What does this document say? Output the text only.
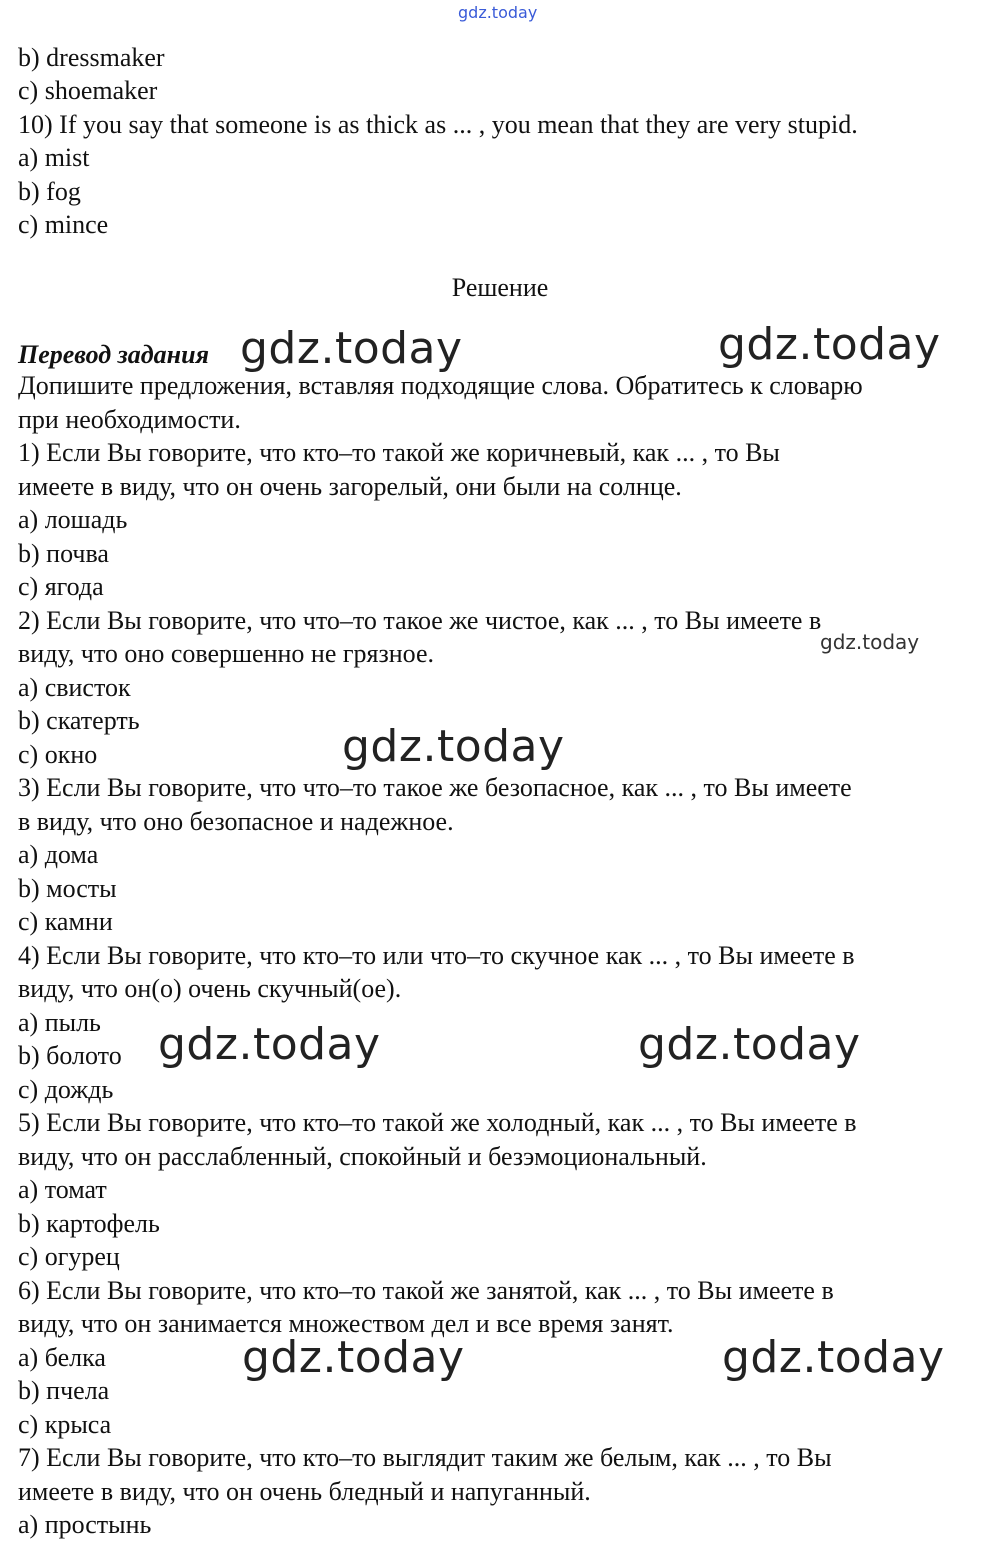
gdz.today
b) dressmaker
c) shoemaker
10) If you say that someone is as thick as ... , you mean that they are very stupid.
a) mist
b) fog
c) mince
Решение
Перевод задания
Допишите предложения, вставляя подходящие слова. Обратитесь к словарю
при необходимости.
1) Если Вы говорите, что кто–то такой же коричневый, как ... , то Вы
имеете в виду, что он очень загорелый, они были на солнце.
a) лошадь
b) почва
c) ягода
2) Если Вы говорите, что что–то такое же чистое, как ... , то Вы имеете в
виду, что оно совершенно не грязное.
a) свисток
b) скатерть
c) окно
3) Если Вы говорите, что что–то такое же безопасное, как ... , то Вы имеете
в виду, что оно безопасное и надежное.
a) дома
b) мосты
c) камни
4) Если Вы говорите, что кто–то или что–то скучное как ... , то Вы имеете в
виду, что он(о) очень скучный(ое).
a) пыль
b) болото
c) дождь
5) Если Вы говорите, что кто–то такой же холодный, как ... , то Вы имеете в
виду, что он расслабленный, спокойный и безэмоциональный.
a) томат
b) картофель
c) огурец
6) Если Вы говорите, что кто–то такой же занятой, как ... , то Вы имеете в
виду, что он занимается множеством дел и все время занят.
a) белка
b) пчела
c) крыса
7) Если Вы говорите, что кто–то выглядит таким же белым, как ... , то Вы
имеете в виду, что он очень бледный и напуганный.
a) простынь
gdz.today	gdz.today
gdz.today
gdz.today
gdz.today	gdz.today
gdz.today	gdz.today
